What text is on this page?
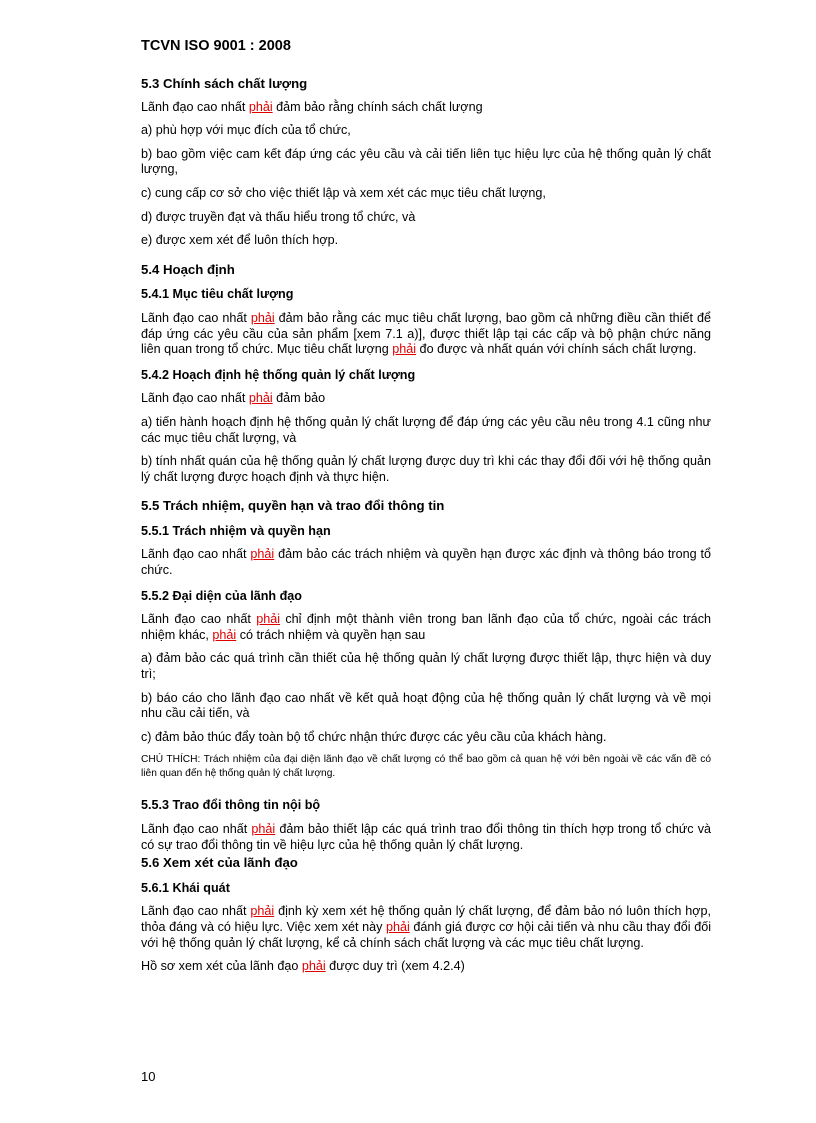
TCVN ISO 9001 : 2008

5.3 Chính sách chất lượng

Lãnh đạo cao nhất phải đảm bảo rằng chính sách chất lượng

a) phù hợp với mục đích của tổ chức,

b) bao gồm việc cam kết đáp ứng các yêu cầu và cải tiến liên tục hiệu lực của hệ thống quản lý chất lượng,

c) cung cấp cơ sở cho việc thiết lập và xem xét các mục tiêu chất lượng,

d) được truyền đạt và thấu hiểu trong tổ chức, và

e) được xem xét để luôn thích hợp.

5.4 Hoạch định
5.4.1 Mục tiêu chất lượng

Lãnh đạo cao nhất phải đảm bảo rằng các mục tiêu chất lượng, bao gồm cả những điều cần thiết để đáp ứng các yêu cầu của sản phẩm [xem 7.1 a)], được thiết lập tại các cấp và bộ phận chức năng liên quan trong tổ chức. Mục tiêu chất lượng phải đo được và nhất quán với chính sách chất lượng.

5.4.2 Hoạch định hệ thống quản lý chất lượng

Lãnh đạo cao nhất phải đảm bảo

a) tiến hành hoạch định hệ thống quản lý chất lượng để đáp ứng các yêu cầu nêu trong 4.1 cũng như các mục tiêu chất lượng, và

b) tính nhất quán của hệ thống quản lý chất lượng được duy trì khi các thay đổi đối với hệ thống quản lý chất lượng được hoạch định và thực hiện.

5.5 Trách nhiệm, quyền hạn và trao đổi thông tin
5.5.1 Trách nhiệm và quyền hạn

Lãnh đạo cao nhất phải đảm bảo các trách nhiệm và quyền hạn được xác định và thông báo trong tổ chức.

5.5.2 Đại diện của lãnh đạo

Lãnh đạo cao nhất phải chỉ định một thành viên trong ban lãnh đạo của tổ chức, ngoài các trách nhiệm khác, phải có trách nhiệm và quyền hạn sau

a) đảm bảo các quá trình cần thiết của hệ thống quản lý chất lượng được thiết lập, thực hiện và duy trì;

b) báo cáo cho lãnh đạo cao nhất về kết quả hoạt động của hệ thống quản lý chất lượng và về mọi nhu cầu cải tiến, và

c) đảm bảo thúc đẩy toàn bộ tổ chức nhận thức được các yêu cầu của khách hàng.

CHÚ THÍCH: Trách nhiệm của đại diện lãnh đạo về chất lượng có thể bao gồm cả quan hệ với bên ngoài về các vấn đề có liên quan đến hệ thống quản lý chất lượng.

5.5.3 Trao đổi thông tin nội bộ

Lãnh đạo cao nhất phải đảm bảo thiết lập các quá trình trao đổi thông tin thích hợp trong tổ chức và có sự trao đổi thông tin về hiệu lực của hệ thống quản lý chất lượng.

5.6 Xem xét của lãnh đạo
5.6.1 Khái quát

Lãnh đạo cao nhất phải định kỳ xem xét hệ thống quản lý chất lượng, để đảm bảo nó luôn thích hợp, thỏa đáng và có hiệu lực. Việc xem xét này phải đánh giá được cơ hội cải tiến và nhu cầu thay đổi đối với hệ thống quản lý chất lượng, kể cả chính sách chất lượng và các mục tiêu chất lượng.

Hồ sơ xem xét của lãnh đạo phải được duy trì (xem 4.2.4)

10
